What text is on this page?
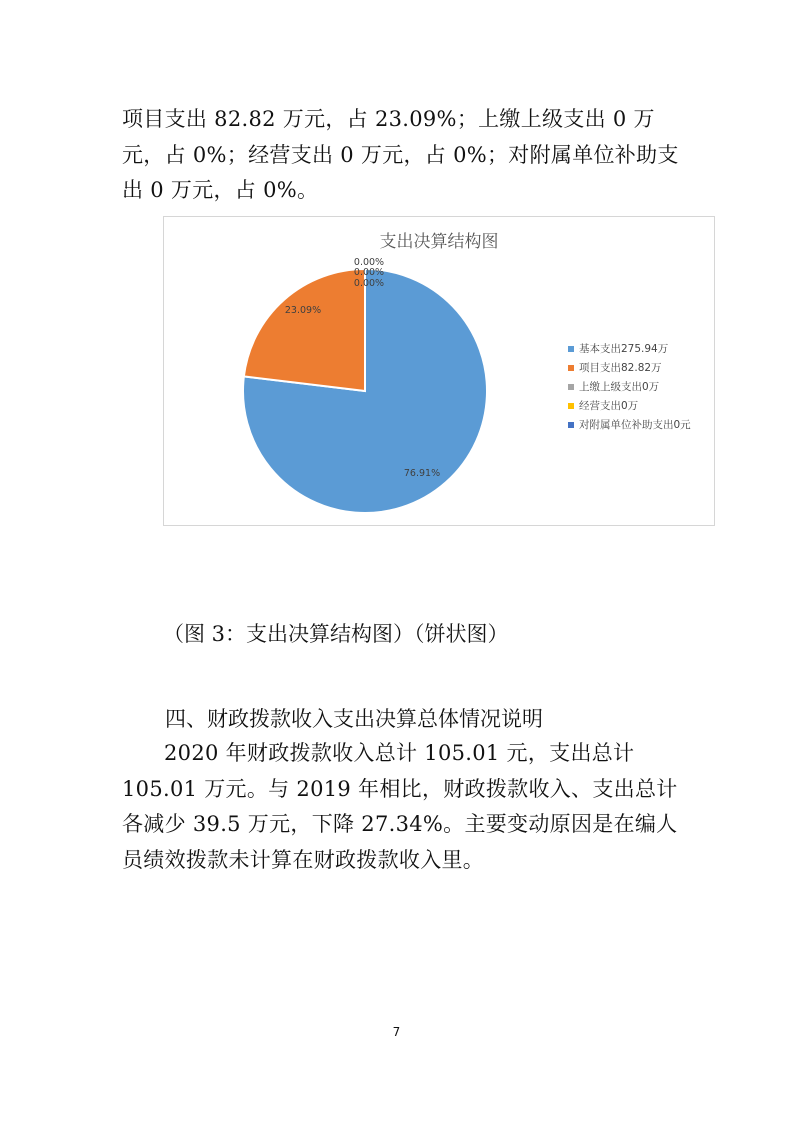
项目支出 82.82 万元，占 23.09%；上缴上级支出 0 万元，占 0%；经营支出 0 万元，占 0%；对附属单位补助支出 0 万元，占 0%。

支出决算结构图
76.91%
23.09%
0.00%
0.00%
0.00%
基本支出275.94万
项目支出82.82万
上缴上级支出0万
经营支出0万
对附属单位补助支出0元

（图 3：支出决算结构图）（饼状图）

四、财政拨款收入支出决算总体情况说明

2020 年财政拨款收入总计 105.01 元，支出总计 105.01 万元。与 2019 年相比，财政拨款收入、支出总计各减少 39.5 万元，下降 27.34%。主要变动原因是在编人员绩效拨款未计算在财政拨款收入里。

7
